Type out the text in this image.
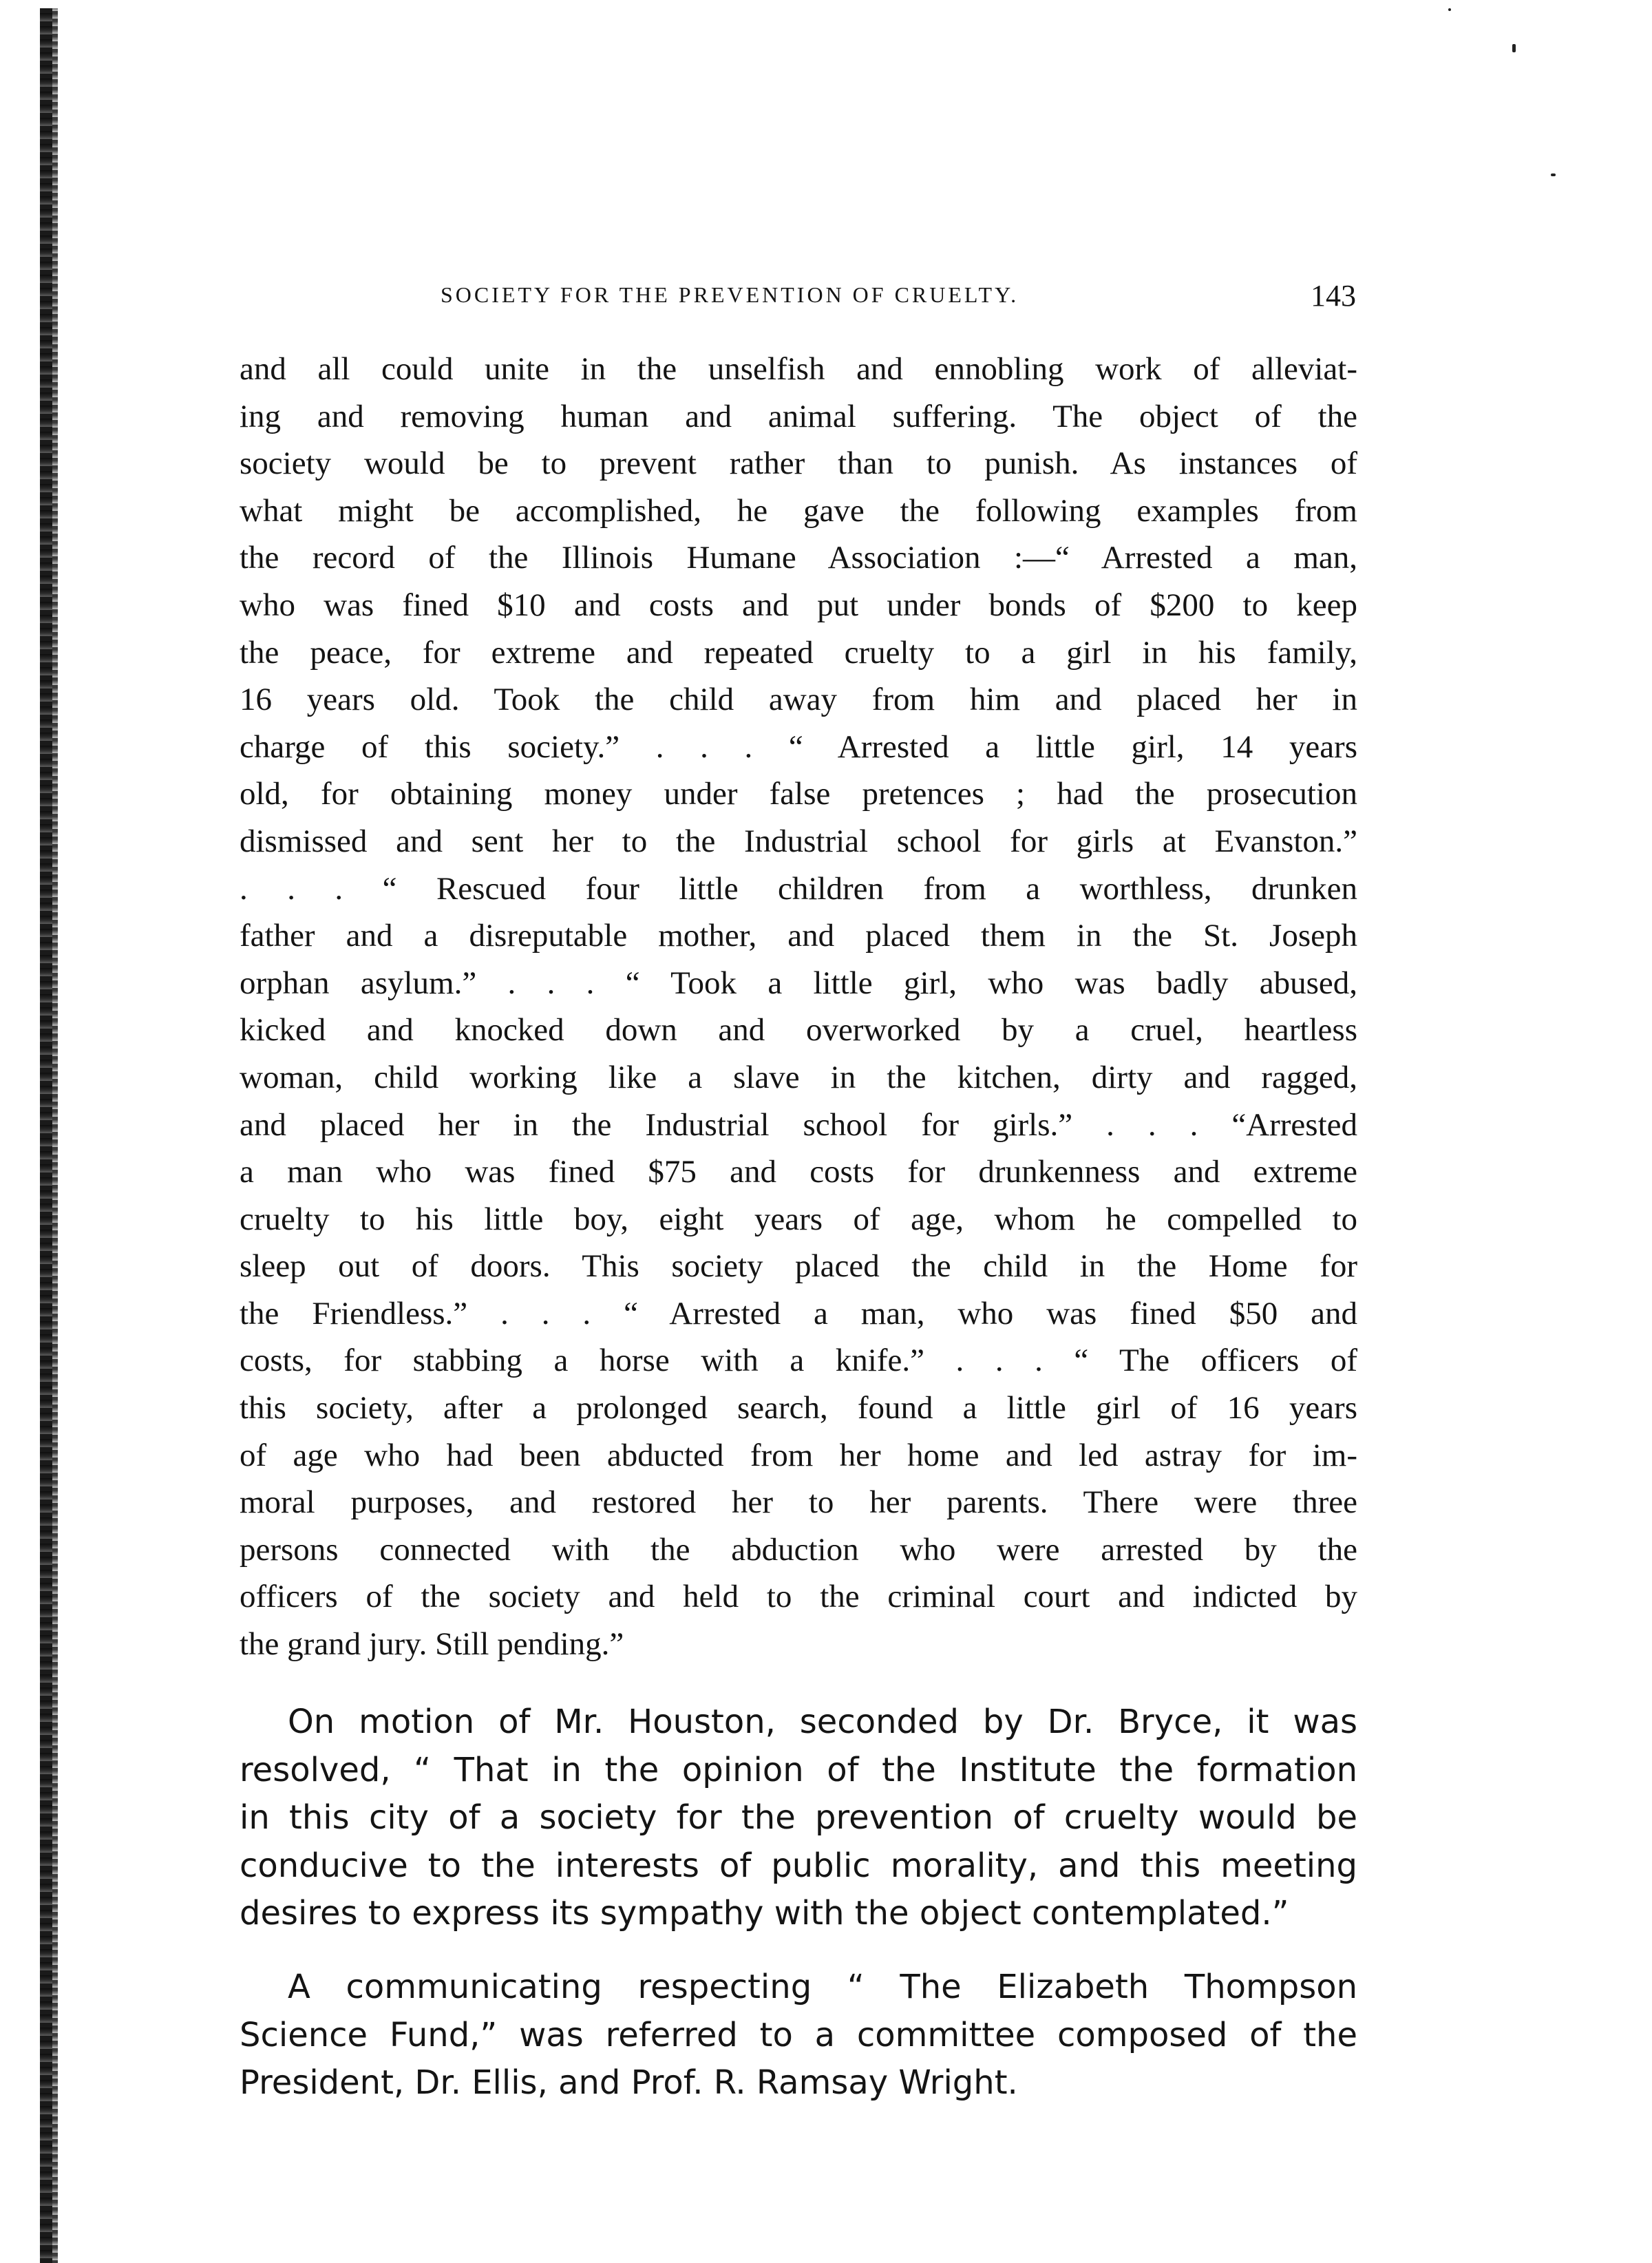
SOCIETY FOR THE PREVENTION OF CRUELTY.	143
and all could unite in the unselfish and ennobling work of alleviat-
ing and removing human and animal suffering. The object of the
society would be to prevent rather than to punish. As instances of
what might be accomplished, he gave the following examples from
the record of the Illinois Humane Association :—“ Arrested a man,
who was fined $10 and costs and put under bonds of $200 to keep
the peace, for extreme and repeated cruelty to a girl in his family,
16 years old. Took the child away from him and placed her in
charge of this society.” . . . “ Arrested a little girl, 14 years
old, for obtaining money under false pretences ; had the prosecution
dismissed and sent her to the Industrial school for girls at Evanston.”
. . . “ Rescued four little children from a worthless, drunken
father and a disreputable mother, and placed them in the St. Joseph
orphan asylum.” . . . “ Took a little girl, who was badly abused,
kicked and knocked down and overworked by a cruel, heartless
woman, child working like a slave in the kitchen, dirty and ragged,
and placed her in the Industrial school for girls.” . . . “Arrested
a man who was fined $75 and costs for drunkenness and extreme
cruelty to his little boy, eight years of age, whom he compelled to
sleep out of doors. This society placed the child in the Home for
the Friendless.” . . . “ Arrested a man, who was fined $50 and
costs, for stabbing a horse with a knife.” . . . “ The officers of
this society, after a prolonged search, found a little girl of 16 years
of age who had been abducted from her home and led astray for im-
moral purposes, and restored her to her parents. There were three
persons connected with the abduction who were arrested by the
officers of the society and held to the criminal court and indicted by
the grand jury. Still pending.”
On motion of Mr. Houston, seconded by Dr. Bryce, it was
resolved, “ That in the opinion of the Institute the formation
in this city of a society for the prevention of cruelty would be
conducive to the interests of public morality, and this meeting
desires to express its sympathy with the object contemplated.”
A communicating respecting “ The Elizabeth Thompson
Science Fund,” was referred to a committee composed of the
President, Dr. Ellis, and Prof. R. Ramsay Wright.
